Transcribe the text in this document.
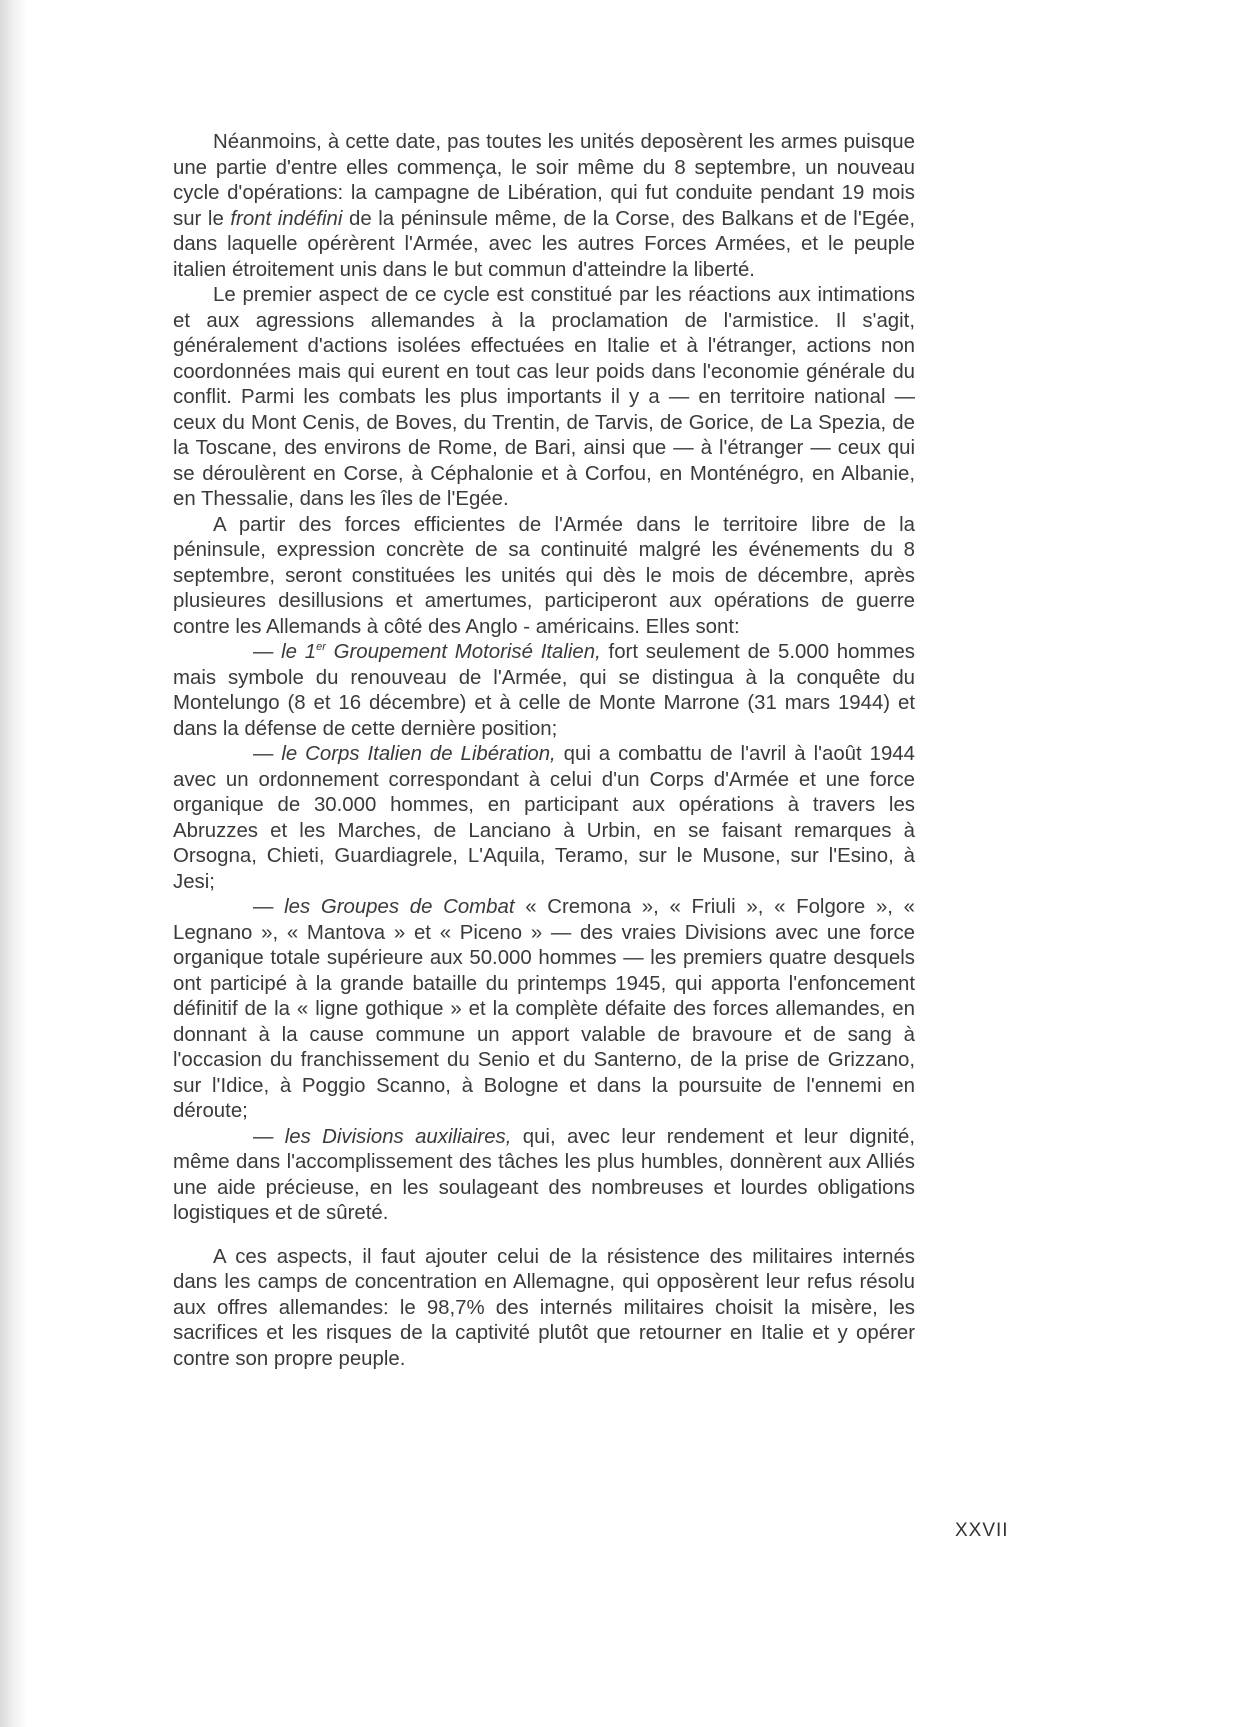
Néanmoins, à cette date, pas toutes les unités deposèrent les armes puisque une partie d'entre elles commença, le soir même du 8 septembre, un nouveau cycle d'opérations: la campagne de Libération, qui fut conduite pendant 19 mois sur le front indéfini de la péninsule même, de la Corse, des Balkans et de l'Egée, dans laquelle opérèrent l'Armée, avec les autres Forces Armées, et le peuple italien étroitement unis dans le but commun d'atteindre la liberté.

Le premier aspect de ce cycle est constitué par les réactions aux intimations et aux agressions allemandes à la proclamation de l'armistice. Il s'agit, généralement d'actions isolées effectuées en Italie et à l'étranger, actions non coordonnées mais qui eurent en tout cas leur poids dans l'economie générale du conflit. Parmi les combats les plus importants il y a — en territoire national — ceux du Mont Cenis, de Boves, du Trentin, de Tarvis, de Gorice, de La Spezia, de la Toscane, des environs de Rome, de Bari, ainsi que — à l'étranger — ceux qui se déroulèrent en Corse, à Céphalonie et à Corfou, en Monténégro, en Albanie, en Thessalie, dans les îles de l'Egée.

A partir des forces efficientes de l'Armée dans le territoire libre de la péninsule, expression concrète de sa continuité malgré les événements du 8 septembre, seront constituées les unités qui dès le mois de décembre, après plusieures desillusions et amertumes, participeront aux opérations de guerre contre les Allemands à côté des Anglo - américains. Elles sont:

— le 1er Groupement Motorisé Italien, fort seulement de 5.000 hommes mais symbole du renouveau de l'Armée, qui se distingua à la conquête du Montelungo (8 et 16 décembre) et à celle de Monte Marrone (31 mars 1944) et dans la défense de cette dernière position;

— le Corps Italien de Libération, qui a combattu de l'avril à l'août 1944 avec un ordonnement correspondant à celui d'un Corps d'Armée et une force organique de 30.000 hommes, en participant aux opérations à travers les Abruzzes et les Marches, de Lanciano à Urbin, en se faisant remarques à Orsogna, Chieti, Guardiagrele, L'Aquila, Teramo, sur le Musone, sur l'Esino, à Jesi;

— les Groupes de Combat « Cremona », « Friuli », « Folgore », « Legnano », « Mantova » et « Piceno » — des vraies Divisions avec une force organique totale supérieure aux 50.000 hommes — les premiers quatre desquels ont participé à la grande bataille du printemps 1945, qui apporta l'enfoncement définitif de la « ligne gothique » et la complète défaite des forces allemandes, en donnant à la cause commune un apport valable de bravoure et de sang à l'occasion du franchissement du Senio et du Santerno, de la prise de Grizzano, sur l'Idice, à Poggio Scanno, à Bologne et dans la poursuite de l'ennemi en déroute;

— les Divisions auxiliaires, qui, avec leur rendement et leur dignité, même dans l'accomplissement des tâches les plus humbles, donnèrent aux Alliés une aide précieuse, en les soulageant des nombreuses et lourdes obligations logistiques et de sûreté.

A ces aspects, il faut ajouter celui de la résistence des militaires internés dans les camps de concentration en Allemagne, qui opposèrent leur refus résolu aux offres allemandes: le 98,7% des internés militaires choisit la misère, les sacrifices et les risques de la captivité plutôt que retourner en Italie et y opérer contre son propre peuple.

XXVII
